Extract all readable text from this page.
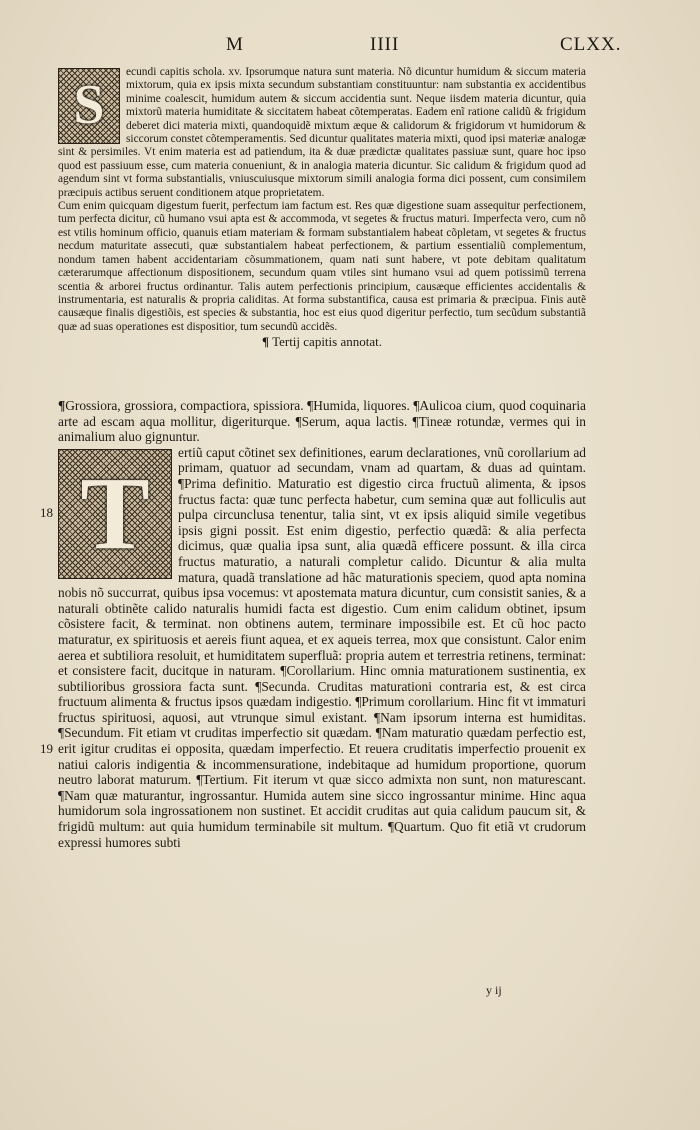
M	IIII	CLXX.
S

ecundi capitis schola. xv. Ipsorumque natura sunt materia. Nõ dicuntur humidum & siccum materia mixtorum, quia ex ipsis mixta secundum substantiam constituuntur: nam substantia ex accidentibus minime coalescit, humidum autem & siccum accidentia sunt. Neque iisdem materia dicuntur, quia mixtorũ materia humiditate & siccitatem habeat cõtemperatas. Eadem enĩ ratione calidũ & frigidum deberet dici materia mixti, quandoquidẽ mixtum æque & calidorum & frigidorum vt humidorum & siccorum constet cõtemperamentis. Sed dicuntur qualitates materia mixti, quod ipsi materiæ analogæ sint & persimiles. Vt enim materia est ad patiendum, ita & duæ prædictæ qualitates passiuæ sunt, quare hoc ipso quod est passiuum esse, cum materia conueniunt, & in analogia materia dicuntur. Sic calidum & frigidum quod ad agendum sint vt forma substantialis, vniuscuiusque mixtorum simili analogia forma dici possent, cum consimilem præcipuis actibus seruent conditionem atque proprietatem.

Cum enim quicquam digestum fuerit, perfectum iam factum est. Res quæ digestione suam assequitur perfectionem, tum perfecta dicitur, cũ humano vsui apta est & accommoda, vt segetes & fructus maturi. Imperfecta vero, cum nõ est vtilis hominum officio, quanuis etiam materiam & formam substantialem habeat cõpletam, vt segetes & fructus necdum maturitate assecuti, quæ substantialem habeat perfectionem, & partium essentialiũ complementum, nondum tamen habent accidentariam cõsummationem, quam nati sunt habere, vt pote debitam qualitatum cæterarumque affectionum dispositionem, secundum quam vtiles sint humano vsui ad quem potissimũ terrena scentia & arborei fructus ordinantur. Talis autem perfectionis principium, causæque efficientes accidentalis & instrumentaria, est naturalis & propria caliditas. At forma substantifica, causa est primaria & præcipua. Finis autẽ causæque finalis digestiõis, est species & substantia, hoc est eius quod digeritur perfectio, tum secũdum substantiã quæ ad suas operationes est dispositior, tum secundũ accidẽs.

¶ Tertij capitis annotat.

¶Grossiora, grossiora, compactiora, spissiora. ¶Humida, liquores. ¶Aulicoa cium, quod coquinaria arte ad escam aqua mollitur, digeriturque. ¶Serum, aqua lactis. ¶Tineæ rotundæ, vermes qui in animalium aluo gignuntur.

T

ertiũ caput cõtinet sex definitiones, earum declarationes, vnũ corollarium ad primam, quatuor ad secundam, vnam ad quartam, & duas ad quintam. ¶Prima definitio. Maturatio est digestio circa fructuũ alimenta, & ipsos fructus facta: quæ tunc perfecta habetur, cum semina quæ aut folliculis aut pulpa circunclusa tenentur, talia sint, vt ex ipsis aliquid simile vegetibus ipsis gigni possit. Est enim digestio, perfectio quædã: & alia perfecta dicimus, quæ qualia ipsa sunt, alia quædã efficere possunt. & illa circa fructus maturatio, a naturali completur calido. Dicuntur & alia multa matura, quadã translatione ad hãc maturationis speciem, quod apta nomina nobis nõ succurrat, quibus ipsa vocemus: vt apostemata matura dicuntur, cum consistit sanies, & a naturali obtinẽte calido naturalis humidi facta est digestio. Cum enim calidum obtinet, ipsum cõsistere facit, & terminat. non obtinens autem, terminare impossibile est. Et cũ hoc pacto maturatur, ex spirituosis et aereis fiunt aquea, et ex aqueis terrea, mox que consistunt. Calor enim aerea et subtiliora resoluit, et humiditatem superfluã: propria autem et terrestria retinens, terminat: et consistere facit, ducitque in naturam. ¶Corollarium. Hinc omnia maturationem sustinentia, ex subtilioribus grossiora facta sunt. ¶Secunda. Cruditas maturationi contraria est, & est circa fructuum alimenta & fructus ipsos quædam indigestio. ¶Primum corollarium. Hinc fit vt immaturi fructus spirituosi, aquosi, aut vtrunque simul existant. ¶Nam ipsorum interna est humiditas. ¶Secundum. Fit etiam vt cruditas imperfectio sit quædam. ¶Nam maturatio quædam perfectio est, erit igitur cruditas ei opposita, quædam imperfectio. Et reuera cruditatis imperfectio prouenit ex natiui caloris indigentia & incommensuratione, indebitaque ad humidum proportione, quorum neutro laborat maturum. ¶Tertium. Fit iterum vt quæ sicco admixta non sunt, non maturescant. ¶Nam quæ maturantur, ingrossantur. Humida autem sine sicco ingrossantur minime. Hinc aqua humidorum sola ingrossationem non sustinet. Et accidit cruditas aut quia calidum paucum sit, & frigidũ multum: aut quia humidum terminabile sit multum. ¶Quartum. Quo fit etiã vt crudorum expressi humores subti

18
19
y ij
